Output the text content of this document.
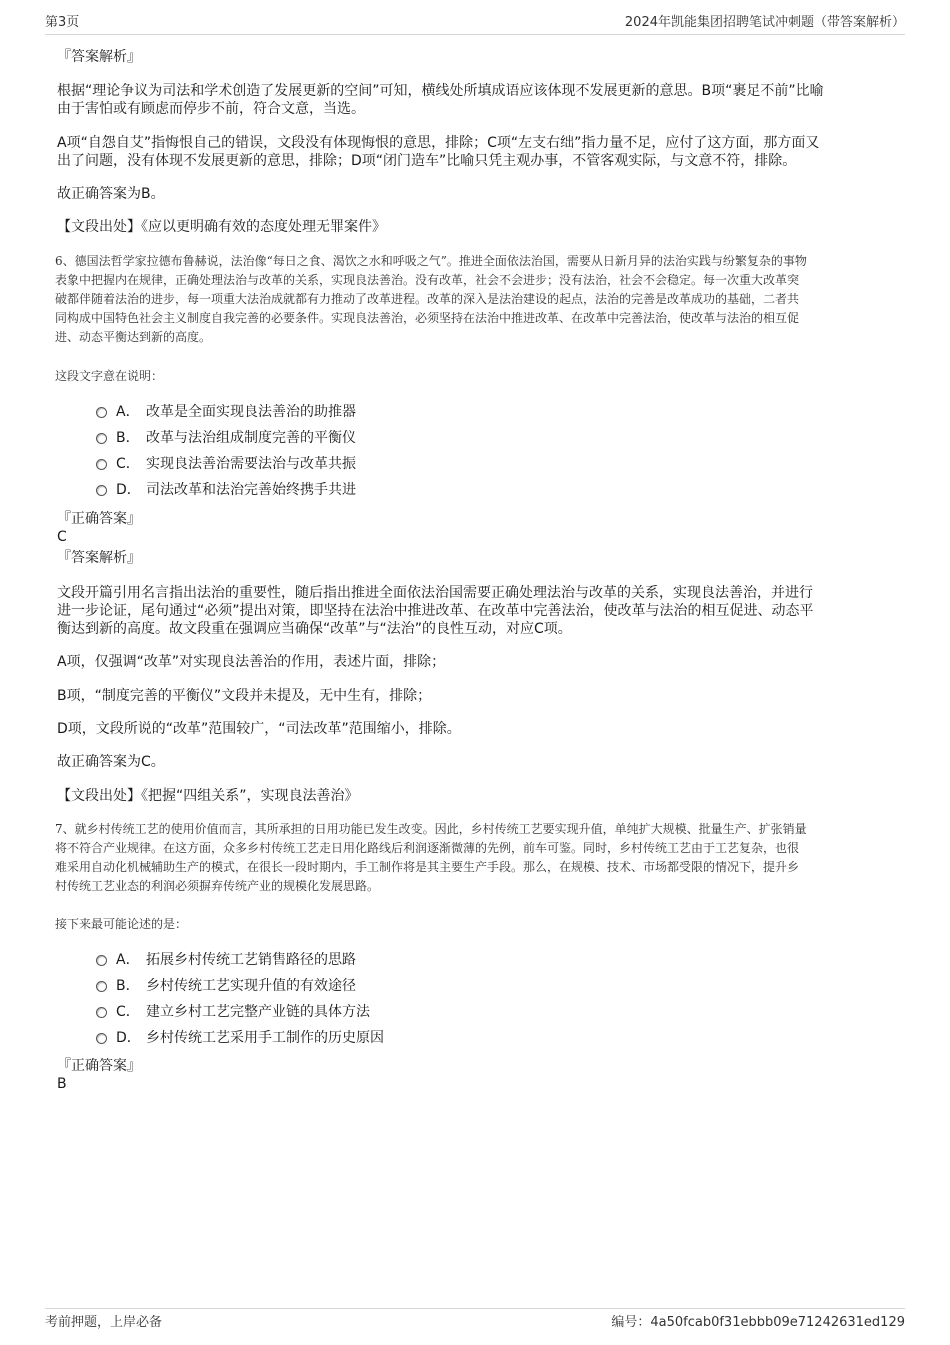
第3页	2024年凯能集团招聘笔试冲刺题（带答案解析）
『答案解析』
根据“理论争议为司法和学术创造了发展更新的空间”可知，横线处所填成语应该体现不发展更新的意思。B项“裹足不前”比喻
由于害怕或有顾虑而停步不前，符合文意，当选。
A项“自怨自艾”指悔恨自己的错误，文段没有体现悔恨的意思，排除；C项“左支右绌”指力量不足，应付了这方面，那方面又
出了问题，没有体现不发展更新的意思，排除；D项“闭门造车”比喻只凭主观办事，不管客观实际，与文意不符，排除。
故正确答案为B。
【文段出处】《应以更明确有效的态度处理无罪案件》
6、德国法哲学家拉德布鲁赫说，法治像“每日之食、渴饮之水和呼吸之气”。推进全面依法治国，需要从日新月异的法治实践与纷繁复杂的事物
表象中把握内在规律，正确处理法治与改革的关系，实现良法善治。没有改革，社会不会进步；没有法治，社会不会稳定。每一次重大改革突
破都伴随着法治的进步，每一项重大法治成就都有力推动了改革进程。改革的深入是法治建设的起点，法治的完善是改革成功的基础，二者共
同构成中国特色社会主义制度自我完善的必要条件。实现良法善治，必须坚持在法治中推进改革、在改革中完善法治，使改革与法治的相互促
进、动态平衡达到新的高度。
这段文字意在说明：
A． 改革是全面实现良法善治的助推器
B． 改革与法治组成制度完善的平衡仪
C． 实现良法善治需要法治与改革共振
D． 司法改革和法治完善始终携手共进
『正确答案』
C
『答案解析』
文段开篇引用名言指出法治的重要性，随后指出推进全面依法治国需要正确处理法治与改革的关系，实现良法善治，并进行
进一步论证，尾句通过“必须”提出对策，即坚持在法治中推进改革、在改革中完善法治，使改革与法治的相互促进、动态平
衡达到新的高度。故文段重在强调应当确保“改革”与“法治”的良性互动，对应C项。
A项，仅强调“改革”对实现良法善治的作用，表述片面，排除；
B项，“制度完善的平衡仪”文段并未提及，无中生有，排除；
D项，文段所说的“改革”范围较广，“司法改革”范围缩小，排除。
故正确答案为C。
【文段出处】《把握“四组关系”，实现良法善治》
7、就乡村传统工艺的使用价值而言，其所承担的日用功能已发生改变。因此，乡村传统工艺要实现升值，单纯扩大规模、批量生产、扩张销量
将不符合产业规律。在这方面，众多乡村传统工艺走日用化路线后利润逐渐微薄的先例，前车可鉴。同时，乡村传统工艺由于工艺复杂，也很
难采用自动化机械辅助生产的模式，在很长一段时期内，手工制作将是其主要生产手段。那么，在规模、技术、市场都受限的情况下，提升乡
村传统工艺业态的利润必须摒弃传统产业的规模化发展思路。
接下来最可能论述的是：
A． 拓展乡村传统工艺销售路径的思路
B． 乡村传统工艺实现升值的有效途径
C． 建立乡村工艺完整产业链的具体方法
D． 乡村传统工艺采用手工制作的历史原因
『正确答案』
B
考前押题，上岸必备	编号：4a50fcab0f31ebbb09e71242631ed129
